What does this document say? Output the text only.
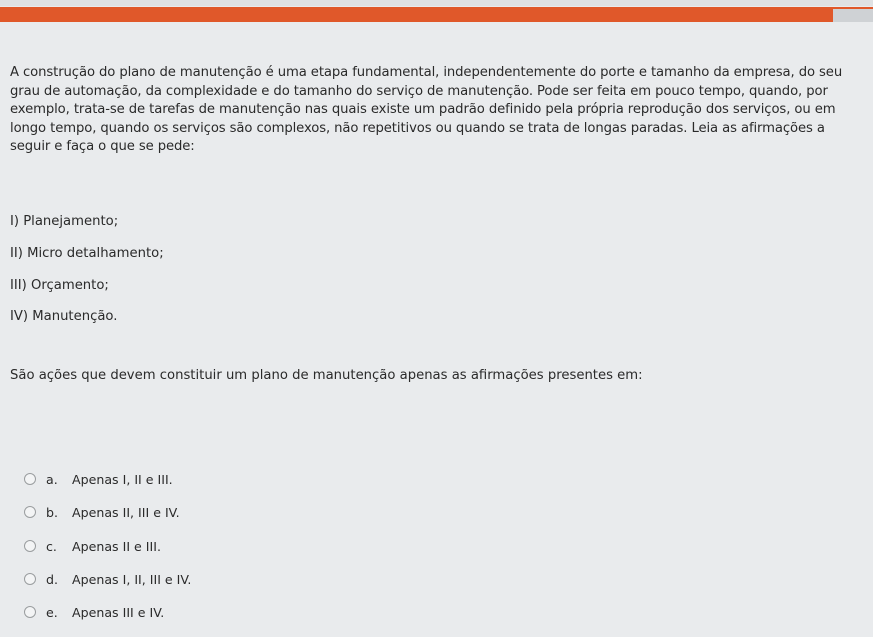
A construção do plano de manutenção é uma etapa fundamental, independentemente do porte e tamanho da empresa, do seu grau de automação, da complexidade e do tamanho do serviço de manutenção. Pode ser feita em pouco tempo, quando, por exemplo, trata-se de tarefas de manutenção nas quais existe um padrão definido pela própria reprodução dos serviços, ou em longo tempo, quando os serviços são complexos, não repetitivos ou quando se trata de longas paradas. Leia as afirmações a seguir e faça o que se pede:
I) Planejamento;
II) Micro detalhamento;
III) Orçamento;
IV) Manutenção.
São ações que devem constituir um plano de manutenção apenas as afirmações presentes em:
a.	Apenas I, II e III.
b.	Apenas II, III e IV.
c.	Apenas II e III.
d.	Apenas I, II, III e IV.
e.	Apenas III e IV.
